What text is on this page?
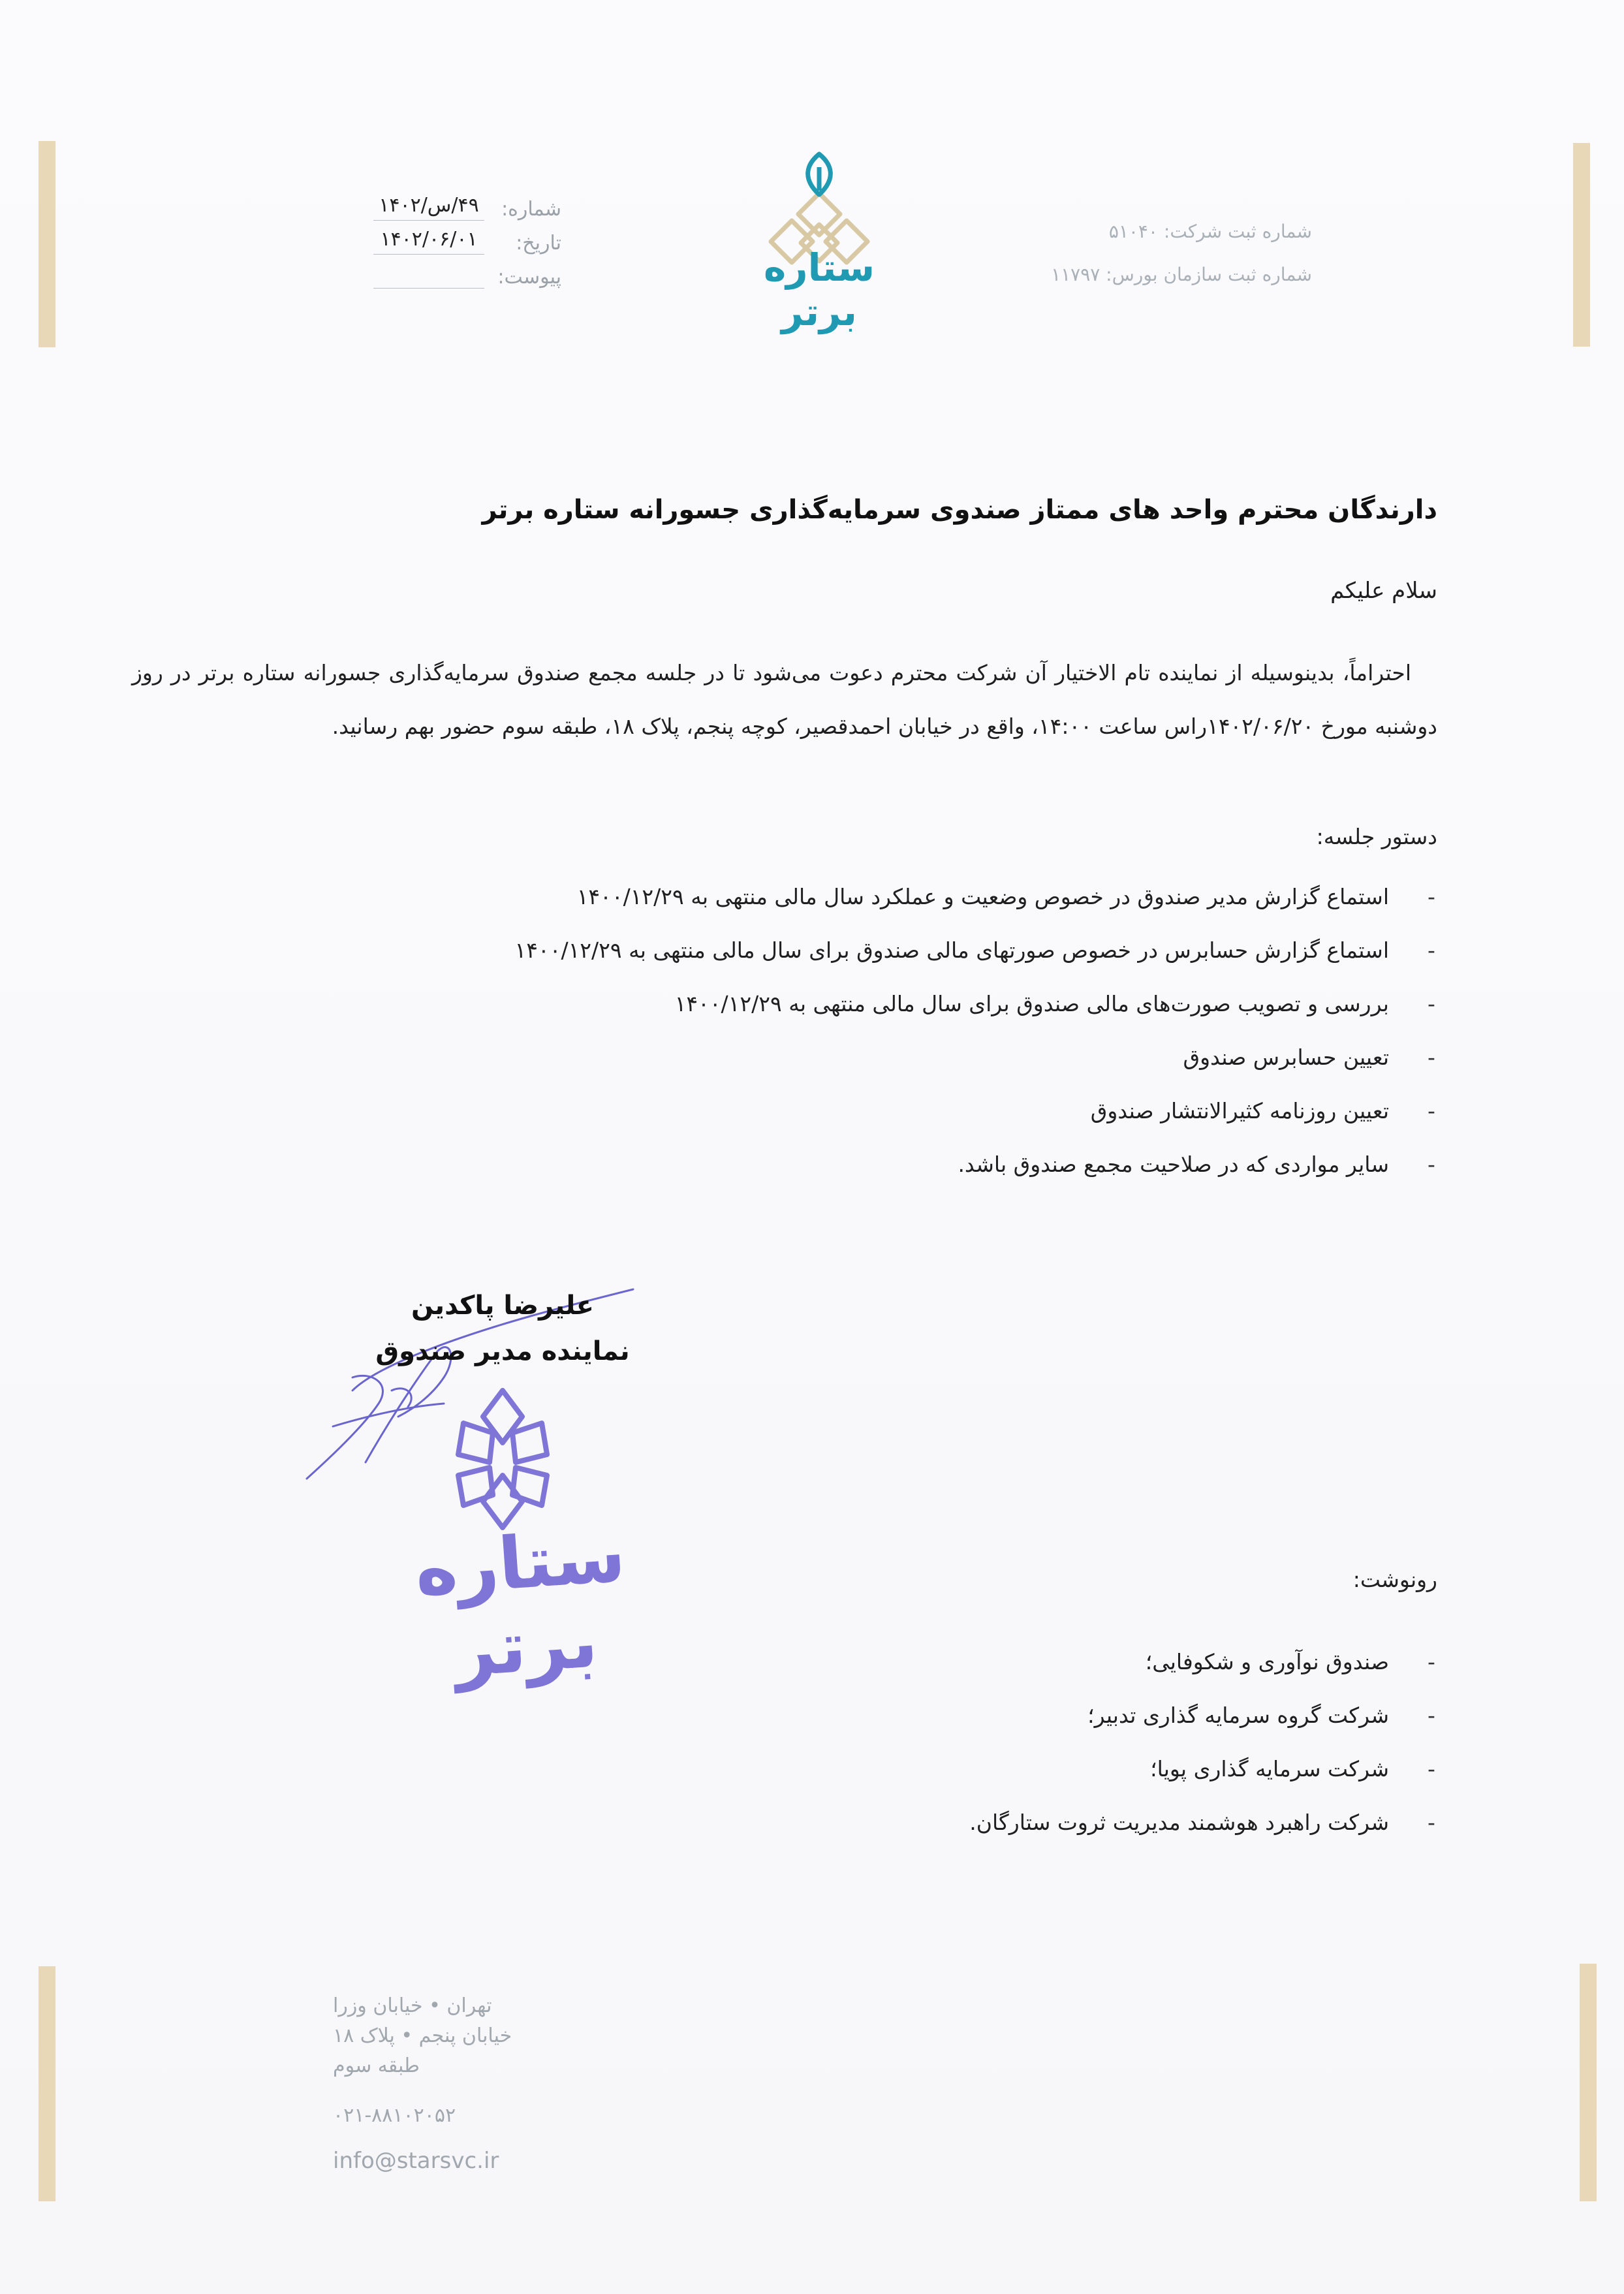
شماره ثبت شرکت: ۵۱۰۴۰
شماره ثبت سازمان بورس: ۱۱۷۹۷
ستاره برتر
شماره:
۴۹/س/۱۴۰۲
تاریخ:
۱۴۰۲/۰۶/۰۱
پیوست:
دارندگان محترم واحد های ممتاز صندوی سرمایه‌گذاری جسورانه ستاره برتر
سلام علیکم
احتراماً، بدینوسیله از نماینده تام الاختیار آن شرکت محترم دعوت می‌شود تا در جلسه مجمع صندوق سرمایه‌گذاری جسورانه ستاره برتر در روز دوشنبه مورخ ۱۴۰۲/۰۶/۲۰راس ساعت ۱۴:۰۰، واقع در خیابان احمدقصیر، کوچه پنجم، پلاک ۱۸، طبقه سوم حضور بهم رسانید.
دستور جلسه:
-
استماع گزارش مدیر صندوق در خصوص وضعیت و عملکرد سال مالی منتهی به ۱۴۰۰/۱۲/۲۹
-
استماع گزارش حسابرس در خصوص صورتهای مالی صندوق برای سال مالی منتهی به ۱۴۰۰/۱۲/۲۹
-
بررسی و تصویب صورت‌های مالی صندوق برای سال مالی منتهی به ۱۴۰۰/۱۲/۲۹
-
تعیین حسابرس صندوق
-
تعیین روزنامه کثیرالانتشار صندوق
-
سایر مواردی که در صلاحیت مجمع صندوق باشد.
علیرضا پاکدین
نماینده مدیر صندوق
ستاره برتر
رونوشت:
-
صندوق نوآوری و شکوفایی؛
-
شرکت گروه سرمایه گذاری تدبیر؛
-
شرکت سرمایه گذاری پویا؛
-
شرکت راهبرد هوشمند مدیریت ثروت ستارگان.
تهران • خیابان وزرا
خیابان پنجم • پلاک ۱۸
طبقه سوم
۰۲۱-۸۸۱۰۲۰۵۲
info@starsvc.ir
